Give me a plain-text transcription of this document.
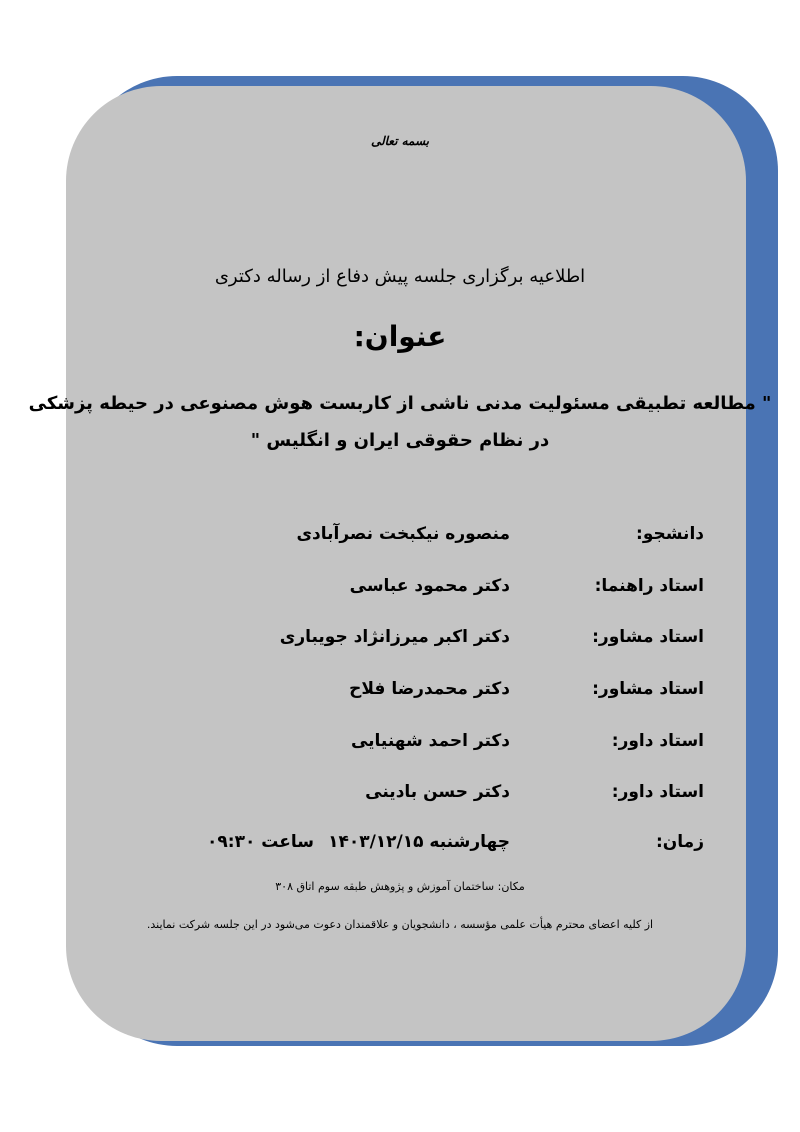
بسمه تعالی
اطلاعیه برگزاری جلسه پیش دفاع از رساله دکتری
عنوان:
" مطالعه تطبیقی مسئولیت مدنی ناشی از کاربست هوش مصنوعی در حیطه پزشکی
در نظام حقوقی ایران و انگلیس "
دانشجو:
منصوره نیکبخت نصرآبادی
استاد راهنما:
دکتر محمود عباسی
استاد مشاور:
دکتر اکبر میرزانژاد جویباری
استاد مشاور:
دکتر محمدرضا فلاح
استاد داور:
دکتر احمد شهنیایی
استاد داور:
دکتر حسن بادینی
زمان:
چهارشنبه ۱۴۰۳/۱۲/۱۵
ساعت ۰۹:۳۰
مکان: ساختمان آموزش و پژوهش طبقه سوم اتاق ۳۰۸
از کلیه اعضای محترم هیأت علمی مؤسسه ، دانشجویان و علاقمندان دعوت می‌شود در این جلسه شرکت نمایند.
